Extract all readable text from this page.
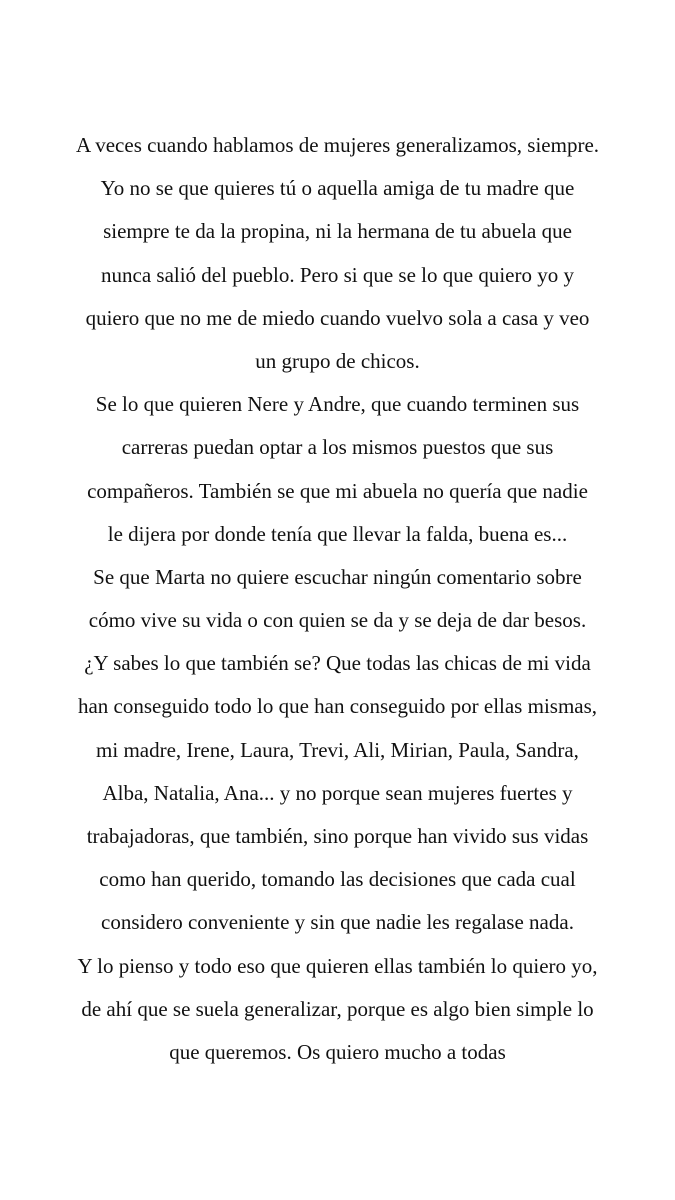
A veces cuando hablamos de mujeres generalizamos, siempre.

Yo no se que quieres tú o aquella amiga de tu madre que

siempre te da la propina, ni la hermana de tu abuela que

nunca salió del pueblo. Pero si que se lo que quiero yo y

quiero que no me de miedo cuando vuelvo sola a casa y veo

un grupo de chicos.

Se lo que quieren Nere y Andre, que cuando terminen sus

carreras puedan optar a los mismos puestos que sus

compañeros. También se que mi abuela no quería que nadie

le dijera por donde tenía que llevar la falda, buena es...

Se que Marta no quiere escuchar ningún comentario sobre

cómo vive su vida o con quien se da y se deja de dar besos.

¿Y sabes lo que también se? Que todas las chicas de mi vida

han conseguido todo lo que han conseguido por ellas mismas,

mi madre, Irene, Laura, Trevi, Ali, Mirian, Paula, Sandra,

Alba, Natalia, Ana... y no porque sean mujeres fuertes y

trabajadoras, que también, sino porque han vivido sus vidas

como han querido, tomando las decisiones que cada cual

considero conveniente y sin que nadie les regalase nada.

Y lo pienso y todo eso que quieren ellas también lo quiero yo,

de ahí que se suela generalizar, porque es algo bien simple lo

que queremos. Os quiero mucho a todas
